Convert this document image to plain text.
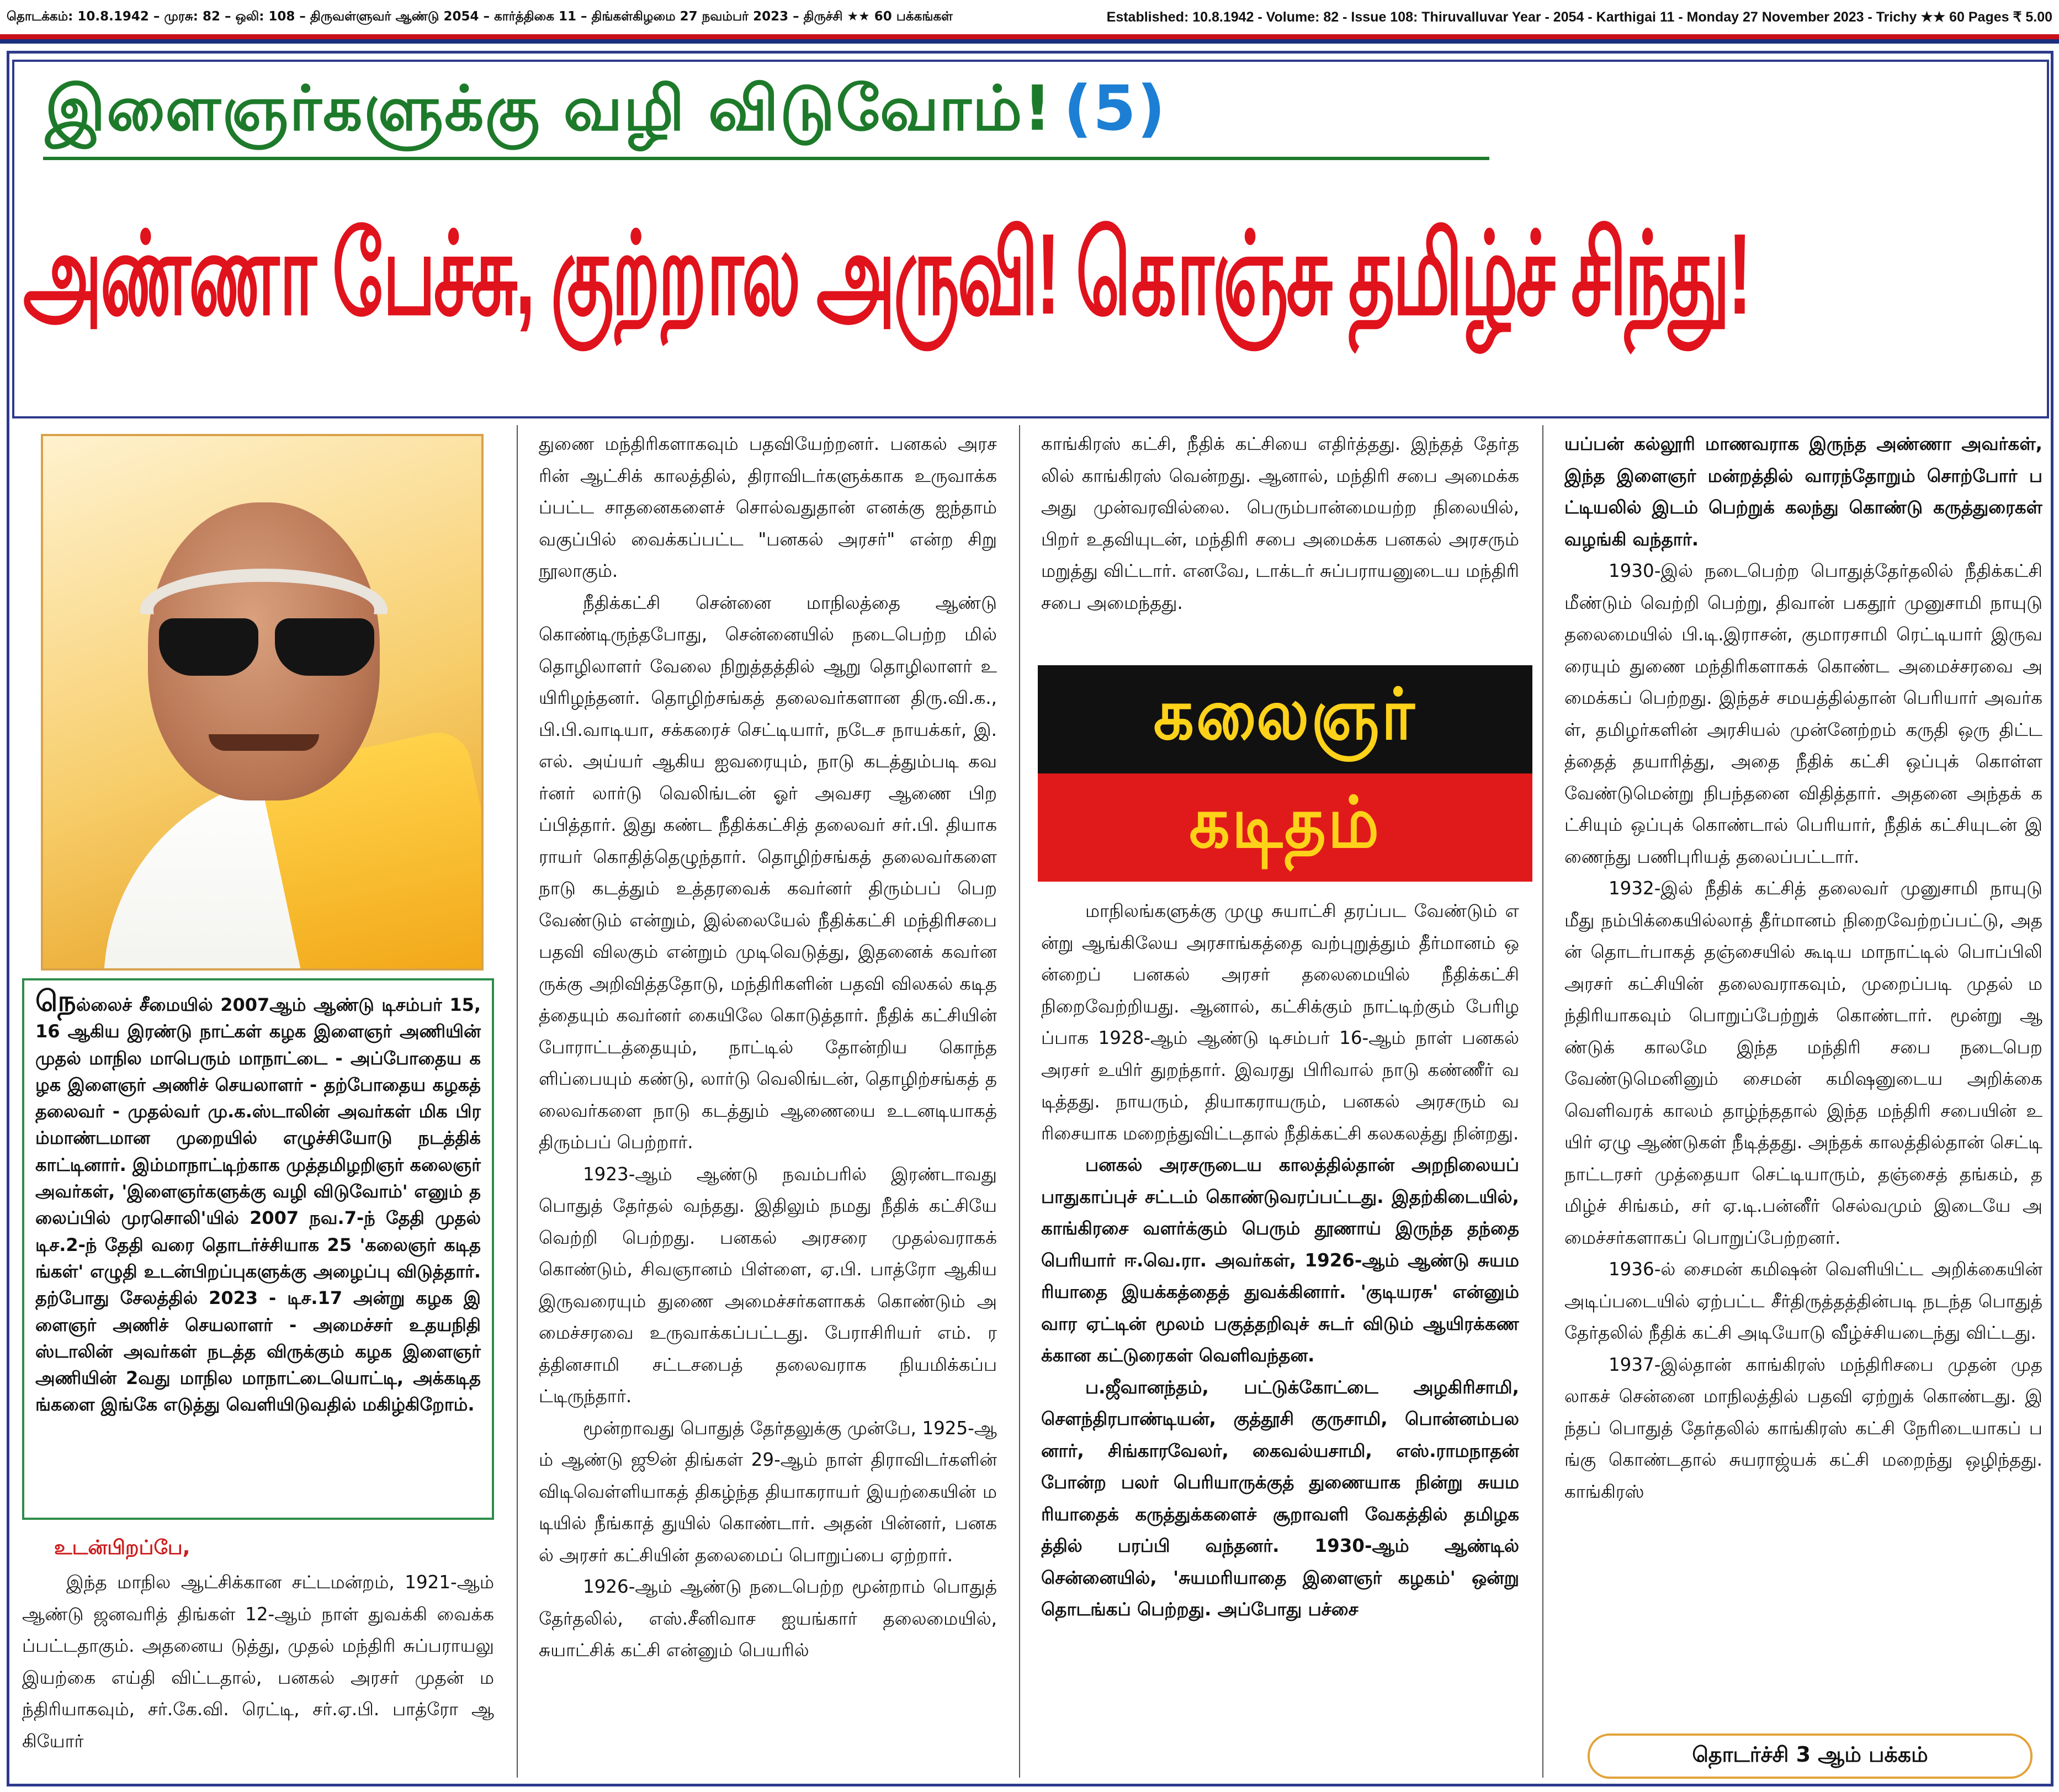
தொடக்கம்: 10.8.1942 – முரசு: 82 – ஒலி: 108 – திருவள்ளுவர் ஆண்டு 2054 – கார்த்திகை 11 – திங்கள்கிழமை 27 நவம்பர் 2023 – திருச்சி ★★ 60 பக்கங்கள்	Established: 10.8.1942 - Volume: 82 - Issue 108: Thiruvalluvar Year - 2054 - Karthigai 11 - Monday 27 November 2023 - Trichy ★★ 60 Pages ₹ 5.00
இளைஞர்களுக்கு வழி விடுவோம்! (5)
அண்ணா பேச்சு, குற்றால அருவி! கொஞ்சு தமிழ்ச் சிந்து!
நெல்லைச் சீமையில் 2007ஆம் ஆண்டு டிசம்பர் 15, 16 ஆகிய இரண்டு நாட்கள் கழக இளைஞர் அணியின் முதல் மாநில மாபெரும் மாநாட்டை - அப்போதைய கழக இளைஞர் அணிச் செயலாளர் - தற்போதைய கழகத் தலைவர் - முதல்வர் மு.க.ஸ்டாலின் அவர்கள் மிக பிரம்மாண்டமான முறையில் எழுச்சியோடு நடத்திக் காட்டினார். இம்மாநாட்டிற்காக முத்தமிழறிஞர் கலைஞர் அவர்கள், 'இளைஞர்களுக்கு வழி விடுவோம்' எனும் தலைப்பில் முரசொலி'யில் 2007 நவ.7-ந் தேதி முதல் டிச.2-ந் தேதி வரை தொடர்ச்சியாக 25 'கலைஞர் கடிதங்கள்' எழுதி உடன்பிறப்புகளுக்கு அழைப்பு விடுத்தார். தற்போது சேலத்தில் 2023 - டிச.17 அன்று கழக இளைஞர் அணிச் செயலாளர் - அமைச்சர் உதயநிதி ஸ்டாலின் அவர்கள் நடத்த விருக்கும் கழக இளைஞர் அணியின் 2வது மாநில மாநாட்டையொட்டி, அக்கடிதங்களை இங்கே எடுத்து வெளியிடுவதில் மகிழ்கிறோம்.
உடன்பிறப்பே,

இந்த மாநில ஆட்சிக்கான சட்டமன்றம், 1921-ஆம் ஆண்டு ஜனவரித் திங்கள் 12-ஆம் நாள் துவக்கி வைக்கப்பட்டதாகும். அதனைய டுத்து, முதல் மந்திரி சுப்பராயலு இயற்கை எய்தி விட்டதால், பனகல் அரசர் முதன் மந்திரியாகவும், சர்.கே.வி. ரெட்டி, சர்.ஏ.பி. பாத்ரோ ஆகியோர்

துணை மந்திரிகளாகவும் பதவியேற்றனர். பனகல் அரசரின் ஆட்சிக் காலத்தில், திராவிடர்களுக்காக உருவாக்கப்பட்ட சாதனைகளைச் சொல்வதுதான் எனக்கு ஐந்தாம் வகுப்பில் வைக்கப்பட்ட "பனகல் அரசர்" என்ற சிறு நூலாகும்.

நீதிக்கட்சி சென்னை மாநிலத்தை ஆண்டு கொண்டிருந்தபோது, சென்னையில் நடைபெற்ற மில் தொழிலாளர் வேலை நிறுத்தத்தில் ஆறு தொழிலாளர் உயிரிழந்தனர். தொழிற்சங்கத் தலைவர்களான திரு.வி.க., பி.பி.வாடியா, சக்கரைச் செட்டியார், நடேச நாயக்கர், இ.எல். அய்யர் ஆகிய ஐவரையும், நாடு கடத்தும்படி கவர்னர் லார்டு வெலிங்டன் ஓர் அவசர ஆணை பிறப்பித்தார். இது கண்ட நீதிக்கட்சித் தலைவர் சர்.பி. தியாகராயர் கொதித்தெழுந்தார். தொழிற்சங்கத் தலைவர்களை நாடு கடத்தும் உத்தரவைக் கவர்னர் திரும்பப் பெறவேண்டும் என்றும், இல்லையேல் நீதிக்கட்சி மந்திரிசபை பதவி விலகும் என்றும் முடிவெடுத்து, இதனைக் கவர்னருக்கு அறிவித்ததோடு, மந்திரிகளின் பதவி விலகல் கடிதத்தையும் கவர்னர் கையிலே கொடுத்தார். நீதிக் கட்சியின் போராட்டத்தையும், நாட்டில் தோன்றிய கொந்தளிப்பையும் கண்டு, லார்டு வெலிங்டன், தொழிற்சங்கத் தலைவர்களை நாடு கடத்தும் ஆணையை உடனடியாகத் திரும்பப் பெற்றார்.

1923-ஆம் ஆண்டு நவம்பரில் இரண்டாவது பொதுத் தேர்தல் வந்தது. இதிலும் நமது நீதிக் கட்சியே வெற்றி பெற்றது. பனகல் அரசரை முதல்வராகக் கொண்டும், சிவஞானம் பிள்ளை, ஏ.பி. பாத்ரோ ஆகிய இருவரையும் துணை அமைச்சர்களாகக் கொண்டும் அமைச்சரவை உருவாக்கப்பட்டது. பேராசிரியர் எம். ரத்தினசாமி சட்டசபைத் தலைவராக நியமிக்கப்பட்டிருந்தார்.

மூன்றாவது பொதுத் தேர்தலுக்கு முன்பே, 1925-ஆம் ஆண்டு ஜூன் திங்கள் 29-ஆம் நாள் திராவிடர்களின் விடிவெள்ளியாகத் திகழ்ந்த தியாகராயர் இயற்கையின் மடியில் நீங்காத் துயில் கொண்டார். அதன் பின்னர், பனகல் அரசர் கட்சியின் தலைமைப் பொறுப்பை ஏற்றார்.

1926-ஆம் ஆண்டு நடைபெற்ற மூன்றாம் பொதுத் தேர்தலில், எஸ்.சீனிவாச ஐயங்கார் தலைமையில், சுயாட்சிக் கட்சி என்னும் பெயரில்

காங்கிரஸ் கட்சி, நீதிக் கட்சியை எதிர்த்தது. இந்தத் தேர்தலில் காங்கிரஸ் வென்றது. ஆனால், மந்திரி சபை அமைக்க அது முன்வரவில்லை. பெரும்பான்மையற்ற நிலையில், பிறர் உதவியுடன், மந்திரி சபை அமைக்க பனகல் அரசரும் மறுத்து விட்டார். எனவே, டாக்டர் சுப்பராயனுடைய மந்திரி சபை அமைந்தது.

கலைஞர்
கடிதம்

மாநிலங்களுக்கு முழு சுயாட்சி தரப்பட வேண்டும் என்று ஆங்கிலேய அரசாங்கத்தை வற்புறுத்தும் தீர்மானம் ஒன்றைப் பனகல் அரசர் தலைமையில் நீதிக்கட்சி நிறைவேற்றியது. ஆனால், கட்சிக்கும் நாட்டிற்கும் பேரிழப்பாக 1928-ஆம் ஆண்டு டிசம்பர் 16-ஆம் நாள் பனகல் அரசர் உயிர் துறந்தார். இவரது பிரிவால் நாடு கண்ணீர் வடித்தது. நாயரும், தியாகராயரும், பனகல் அரசரும் வரிசையாக மறைந்துவிட்டதால் நீதிக்கட்சி கலகலத்து நின்றது.

பனகல் அரசருடைய காலத்தில்தான் அறநிலையப் பாதுகாப்புச் சட்டம் கொண்டுவரப்பட்டது. இதற்கிடையில், காங்கிரசை வளர்க்கும் பெரும் தூணாய் இருந்த தந்தை பெரியார் ஈ.வெ.ரா. அவர்கள், 1926-ஆம் ஆண்டு சுயமரியாதை இயக்கத்தைத் துவக்கினார். 'குடியரசு' என்னும் வார ஏட்டின் மூலம் பகுத்தறிவுச் சுடர் விடும் ஆயிரக்கணக்கான கட்டுரைகள் வெளிவந்தன.

ப.ஜீவானந்தம், பட்டுக்கோட்டை அழகிரிசாமி, சௌந்திரபாண்டியன், குத்தூசி குருசாமி, பொன்னம்பலனார், சிங்காரவேலர், கைவல்யசாமி, எஸ்.ராமநாதன் போன்ற பலர் பெரியாருக்குத் துணையாக நின்று சுயமரியாதைக் கருத்துக்களைச் சூறாவளி வேகத்தில் தமிழகத்தில் பரப்பி வந்தனர். 1930-ஆம் ஆண்டில் சென்னையில், 'சுயமரியாதை இளைஞர் கழகம்' ஒன்று தொடங்கப் பெற்றது. அப்போது பச்சை

யப்பன் கல்லூரி மாணவராக இருந்த அண்ணா அவர்கள், இந்த இளைஞர் மன்றத்தில் வாரந்தோறும் சொற்போர் பட்டியலில் இடம் பெற்றுக் கலந்து கொண்டு கருத்துரைகள் வழங்கி வந்தார்.

1930-இல் நடைபெற்ற பொதுத்தேர்தலில் நீதிக்கட்சி மீண்டும் வெற்றி பெற்று, திவான் பகதூர் முனுசாமி நாயுடு தலைமையில் பி.டி.இராசன், குமாரசாமி ரெட்டியார் இருவரையும் துணை மந்திரிகளாகக் கொண்ட அமைச்சரவை அமைக்கப் பெற்றது. இந்தச் சமயத்தில்தான் பெரியார் அவர்கள், தமிழர்களின் அரசியல் முன்னேற்றம் கருதி ஒரு திட்டத்தைத் தயாரித்து, அதை நீதிக் கட்சி ஒப்புக் கொள்ள வேண்டுமென்று நிபந்தனை விதித்தார். அதனை அந்தக் கட்சியும் ஒப்புக் கொண்டால் பெரியார், நீதிக் கட்சியுடன் இணைந்து பணிபுரியத் தலைப்பட்டார்.

1932-இல் நீதிக் கட்சித் தலைவர் முனுசாமி நாயுடு மீது நம்பிக்கையில்லாத் தீர்மானம் நிறைவேற்றப்பட்டு, அதன் தொடர்பாகத் தஞ்சையில் கூடிய மாநாட்டில் பொப்பிலி அரசர் கட்சியின் தலைவராகவும், முறைப்படி முதல் மந்திரியாகவும் பொறுப்பேற்றுக் கொண்டார். மூன்று ஆண்டுக் காலமே இந்த மந்திரி சபை நடைபெற வேண்டுமெனினும் சைமன் கமிஷனுடைய அறிக்கை வெளிவரக் காலம் தாழ்ந்ததால் இந்த மந்திரி சபையின் உயிர் ஏழு ஆண்டுகள் நீடித்தது. அந்தக் காலத்தில்தான் செட்டி நாட்டரசர் முத்தையா செட்டியாரும், தஞ்சைத் தங்கம், தமிழ்ச் சிங்கம், சர் ஏ.டி.பன்னீர் செல்வமும் இடையே அமைச்சர்களாகப் பொறுப்பேற்றனர்.

1936-ல் சைமன் கமிஷன் வெளியிட்ட அறிக்கையின் அடிப்படையில் ஏற்பட்ட சீர்திருத்தத்தின்படி நடந்த பொதுத் தேர்தலில் நீதிக் கட்சி அடியோடு வீழ்ச்சியடைந்து விட்டது.

1937-இல்தான் காங்கிரஸ் மந்திரிசபை முதன் முதலாகச் சென்னை மாநிலத்தில் பதவி ஏற்றுக் கொண்டது. இந்தப் பொதுத் தேர்தலில் காங்கிரஸ் கட்சி நேரிடையாகப் பங்கு கொண்டதால் சுயராஜ்யக் கட்சி மறைந்து ஒழிந்தது. காங்கிரஸ்

தொடர்ச்சி 3 ஆம் பக்கம்
